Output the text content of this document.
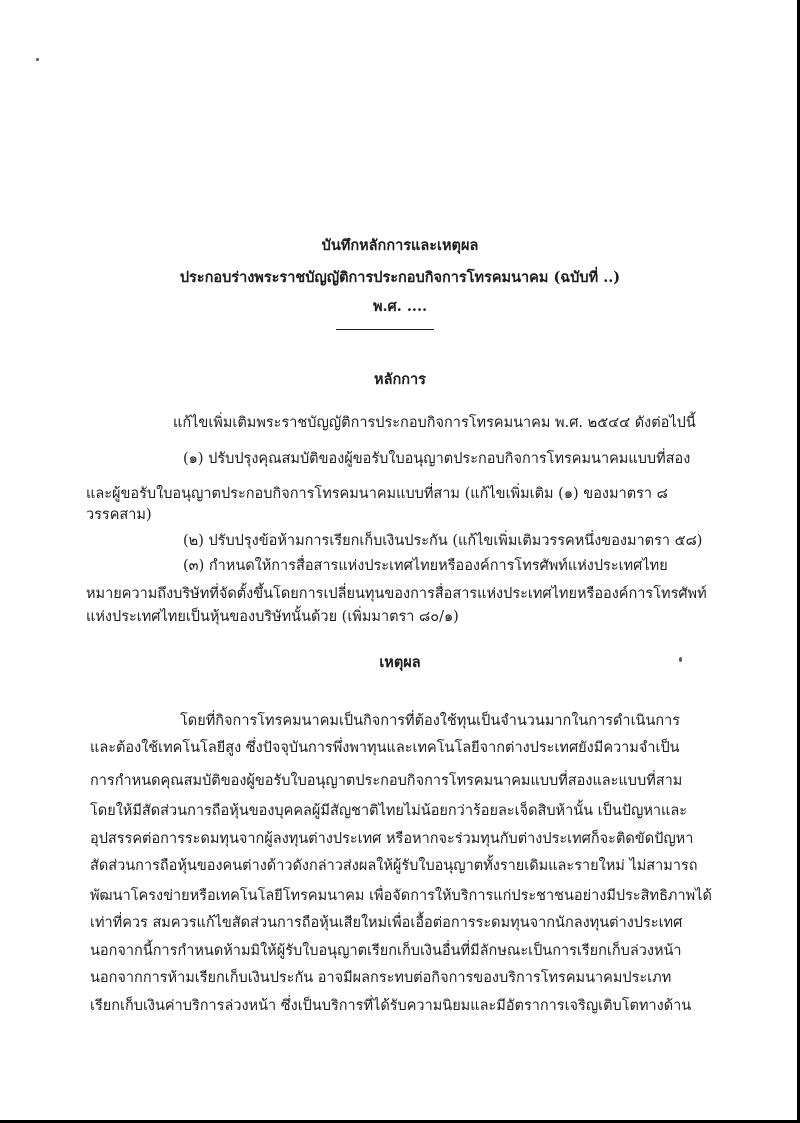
บันทึกหลักการและเหตุผล
ประกอบร่างพระราชบัญญัติการประกอบกิจการโทรคมนาคม (ฉบับที่ ..)
พ.ศ. ....
หลักการ
แก้ไขเพิ่มเติมพระราชบัญญัติการประกอบกิจการโทรคมนาคม พ.ศ. ๒๕๔๔ ดังต่อไปนี้
(๑) ปรับปรุงคุณสมบัติของผู้ขอรับใบอนุญาตประกอบกิจการโทรคมนาคมแบบที่สอง
และผู้ขอรับใบอนุญาตประกอบกิจการโทรคมนาคมแบบที่สาม (แก้ไขเพิ่มเติม (๑) ของมาตรา ๘
วรรคสาม)
(๒) ปรับปรุงข้อห้ามการเรียกเก็บเงินประกัน (แก้ไขเพิ่มเติมวรรคหนึ่งของมาตรา ๕๘)
(๓) กำหนดให้การสื่อสารแห่งประเทศไทยหรือองค์การโทรศัพท์แห่งประเทศไทย
หมายความถึงบริษัทที่จัดตั้งขึ้นโดยการเปลี่ยนทุนของการสื่อสารแห่งประเทศไทยหรือองค์การโทรศัพท์
แห่งประเทศไทยเป็นหุ้นของบริษัทนั้นด้วย (เพิ่มมาตรา ๘๐/๑)
เหตุผล
โดยที่กิจการโทรคมนาคมเป็นกิจการที่ต้องใช้ทุนเป็นจำนวนมากในการดำเนินการ
และต้องใช้เทคโนโลยีสูง ซึ่งปัจจุบันการพึ่งพาทุนและเทคโนโลยีจากต่างประเทศยังมีความจำเป็น
การกำหนดคุณสมบัติของผู้ขอรับใบอนุญาตประกอบกิจการโทรคมนาคมแบบที่สองและแบบที่สาม
โดยให้มีสัดส่วนการถือหุ้นของบุคคลผู้มีสัญชาติไทยไม่น้อยกว่าร้อยละเจ็ดสิบห้านั้น เป็นปัญหาและ
อุปสรรคต่อการระดมทุนจากผู้ลงทุนต่างประเทศ หรือหากจะร่วมทุนกับต่างประเทศก็จะติดขัดปัญหา
สัดส่วนการถือหุ้นของคนต่างด้าวดังกล่าวส่งผลให้ผู้รับใบอนุญาตทั้งรายเดิมและรายใหม่ ไม่สามารถ
พัฒนาโครงข่ายหรือเทคโนโลยีโทรคมนาคม เพื่อจัดการให้บริการแก่ประชาชนอย่างมีประสิทธิภาพได้
เท่าที่ควร สมควรแก้ไขสัดส่วนการถือหุ้นเสียใหม่เพื่อเอื้อต่อการระดมทุนจากนักลงทุนต่างประเทศ
นอกจากนี้การกำหนดห้ามมิให้ผู้รับใบอนุญาตเรียกเก็บเงินอื่นที่มีลักษณะเป็นการเรียกเก็บล่วงหน้า
นอกจากการห้ามเรียกเก็บเงินประกัน อาจมีผลกระทบต่อกิจการของบริการโทรคมนาคมประเภท
เรียกเก็บเงินค่าบริการล่วงหน้า ซึ่งเป็นบริการที่ได้รับความนิยมและมีอัตราการเจริญเติบโตทางด้าน
